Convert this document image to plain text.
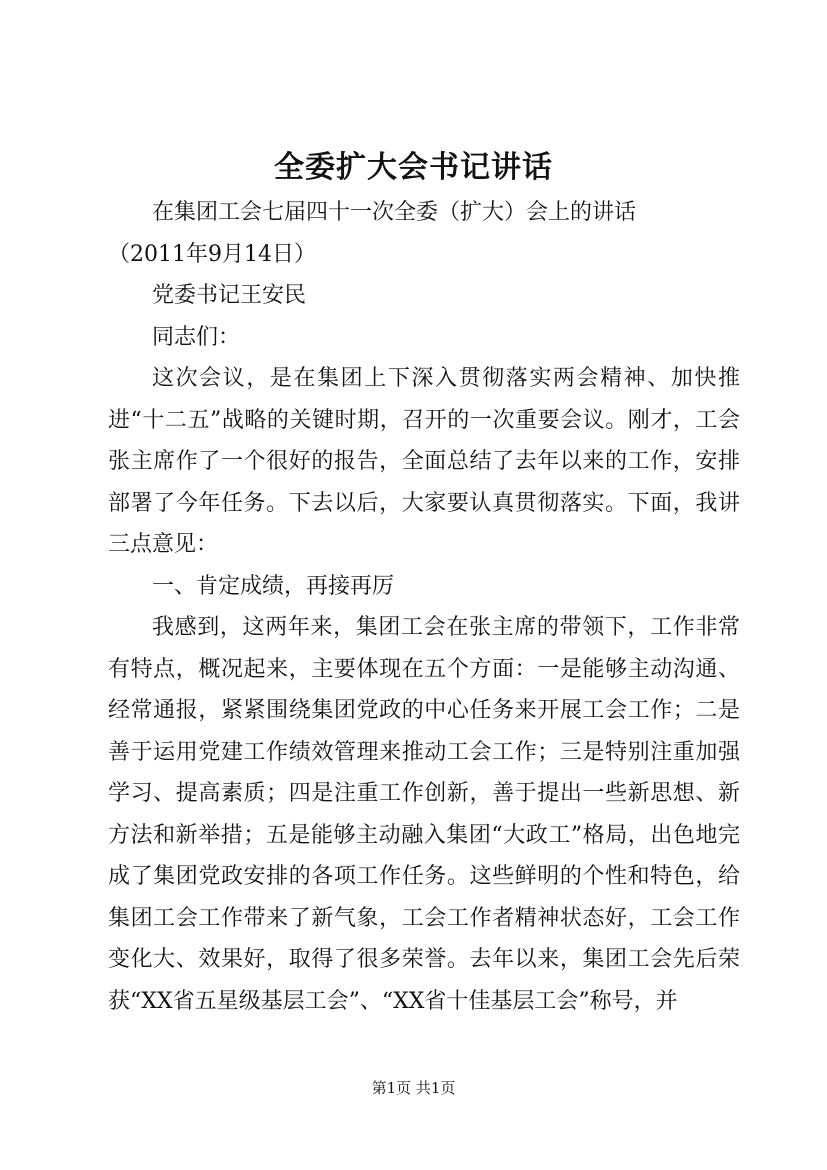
全委扩大会书记讲话
在集团工会七届四十一次全委（扩大）会上的讲话
（2011年9月14日）
党委书记王安民
同志们：

这次会议，是在集团上下深入贯彻落实两会精神、加快推进“十二五”战略的关键时期，召开的一次重要会议。刚才，工会张主席作了一个很好的报告，全面总结了去年以来的工作，安排部署了今年任务。下去以后，大家要认真贯彻落实。下面，我讲三点意见：

一、肯定成绩，再接再厉

我感到，这两年来，集团工会在张主席的带领下，工作非常有特点，概况起来，主要体现在五个方面：一是能够主动沟通、经常通报，紧紧围绕集团党政的中心任务来开展工会工作；二是善于运用党建工作绩效管理来推动工会工作；三是特别注重加强学习、提高素质；四是注重工作创新，善于提出一些新思想、新方法和新举措；五是能够主动融入集团“大政工”格局，出色地完成了集团党政安排的各项工作任务。这些鲜明的个性和特色，给集团工会工作带来了新气象，工会工作者精神状态好，工会工作变化大、效果好，取得了很多荣誉。去年以来，集团工会先后荣获“XX省五星级基层工会”、“XX省十佳基层工会”称号，并

第1页 共1页
